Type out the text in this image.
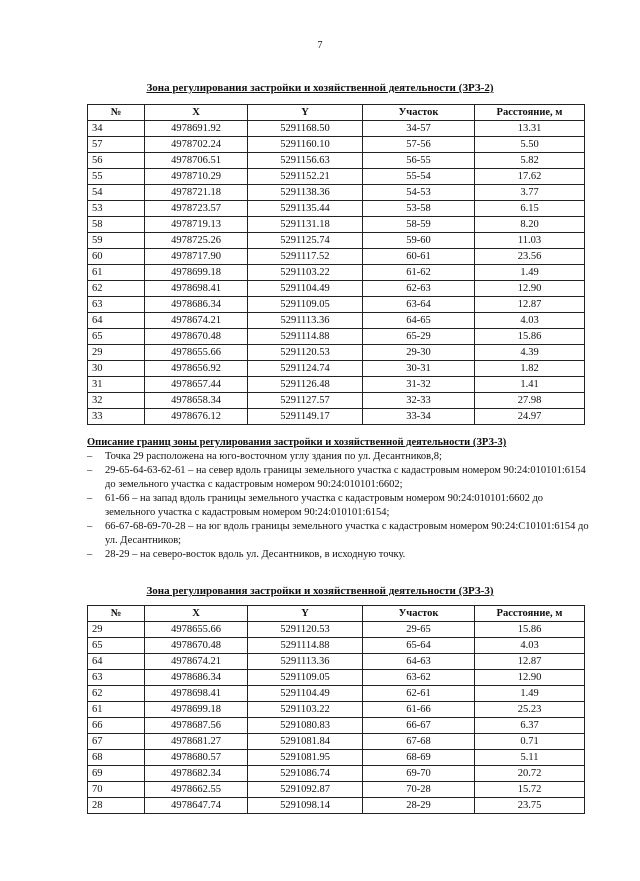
7
Зона регулирования застройки и хозяйственной деятельности (ЗРЗ-2)
№	X	Y	Участок	Расстояние, м
34	4978691.92	5291168.50	34-57	13.31
57	4978702.24	5291160.10	57-56	5.50
56	4978706.51	5291156.63	56-55	5.82
55	4978710.29	5291152.21	55-54	17.62
54	4978721.18	5291138.36	54-53	3.77
53	4978723.57	5291135.44	53-58	6.15
58	4978719.13	5291131.18	58-59	8.20
59	4978725.26	5291125.74	59-60	11.03
60	4978717.90	5291117.52	60-61	23.56
61	4978699.18	5291103.22	61-62	1.49
62	4978698.41	5291104.49	62-63	12.90
63	4978686.34	5291109.05	63-64	12.87
64	4978674.21	5291113.36	64-65	4.03
65	4978670.48	5291114.88	65-29	15.86
29	4978655.66	5291120.53	29-30	4.39
30	4978656.92	5291124.74	30-31	1.82
31	4978657.44	5291126.48	31-32	1.41
32	4978658.34	5291127.57	32-33	27.98
33	4978676.12	5291149.17	33-34	24.97
Описание границ зоны регулирования застройки и хозяйственной деятельности (ЗРЗ-3)
– Точка 29 расположена на юго-восточном углу здания по ул. Десантников,8;
– 29-65-64-63-62-61 – на север вдоль границы земельного участка с кадастровым номером 90:24:010101:6154 до земельного участка с кадастровым номером 90:24:010101:6602;
– 61-66 – на запад вдоль границы земельного участка с кадастровым номером 90:24:010101:6602 до земельного участка с кадастровым номером 90:24:010101:6154;
– 66-67-68-69-70-28 – на юг вдоль границы земельного участка с кадастровым номером 90:24:С10101:6154 до ул. Десантников;
– 28-29 – на северо-восток вдоль ул. Десантников, в исходную точку.
Зона регулирования застройки и хозяйственной деятельности (ЗРЗ-3)
№	X	Y	Участок	Расстояние, м
29	4978655.66	5291120.53	29-65	15.86
65	4978670.48	5291114.88	65-64	4.03
64	4978674.21	5291113.36	64-63	12.87
63	4978686.34	5291109.05	63-62	12.90
62	4978698.41	5291104.49	62-61	1.49
61	4978699.18	5291103.22	61-66	25.23
66	4978687.56	5291080.83	66-67	6.37
67	4978681.27	5291081.84	67-68	0.71
68	4978680.57	5291081.95	68-69	5.11
69	4978682.34	5291086.74	69-70	20.72
70	4978662.55	5291092.87	70-28	15.72
28	4978647.74	5291098.14	28-29	23.75
